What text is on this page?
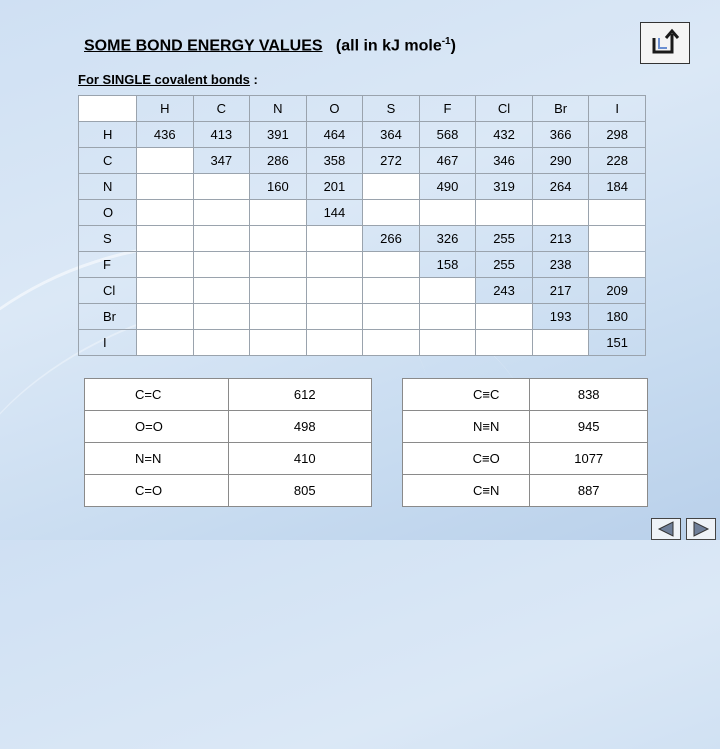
SOME BOND ENERGY VALUES (all in kJ mole$^{-1}$)
For SINGLE covalent bonds :
	H	C	N	O	S	F	Cl	Br	I
H	436	413	391	464	364	568	432	366	298
C		347	286	358	272	467	346	290	228
N			160	201		490	319	264	184
O				144					
S					266	326	255	213	
F						158	255	238	
Cl							243	217	209
Br								193	180
I									151
C=C	612
O=O	498
N=N	410
C=O	805
C≡C	838
N≡N	945
C≡O	1077
C≡N	887
